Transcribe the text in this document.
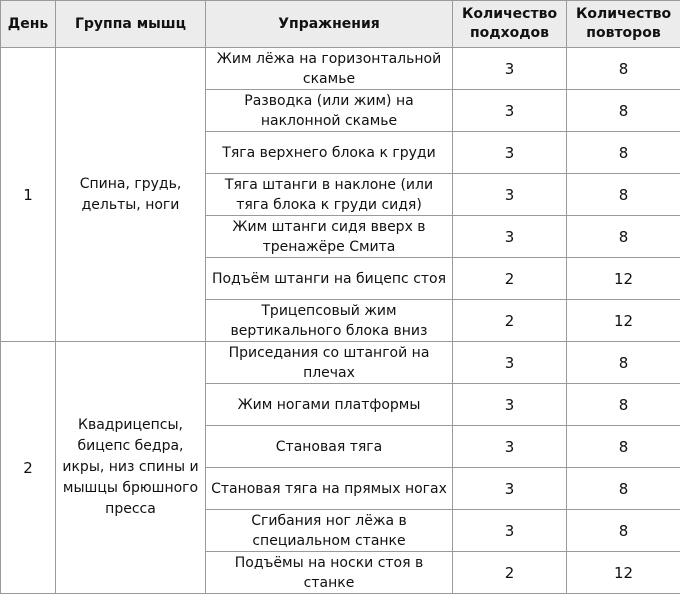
День	Группа мышц	Упражнения	Количество подходов	Количество повторов
1	Спина, грудь, дельты, ноги	Жим лёжа на горизонтальной скамье	3	8
		Разводка (или жим) на наклонной скамье	3	8
		Тяга верхнего блока к груди	3	8
		Тяга штанги в наклоне (или тяга блока к груди сидя)	3	8
		Жим штанги сидя вверх в тренажёре Смита	3	8
		Подъём штанги на бицепс стоя	2	12
		Трицепсовый жим вертикального блока вниз	2	12
2	Квадрицепсы, бицепс бедра, икры, низ спины и мышцы брюшного пресса	Приседания со штангой на плечах	3	8
		Жим ногами платформы	3	8
		Становая тяга	3	8
		Становая тяга на прямых ногах	3	8
		Сгибания ног лёжа в специальном станке	3	8
		Подъёмы на носки стоя в станке	2	12
